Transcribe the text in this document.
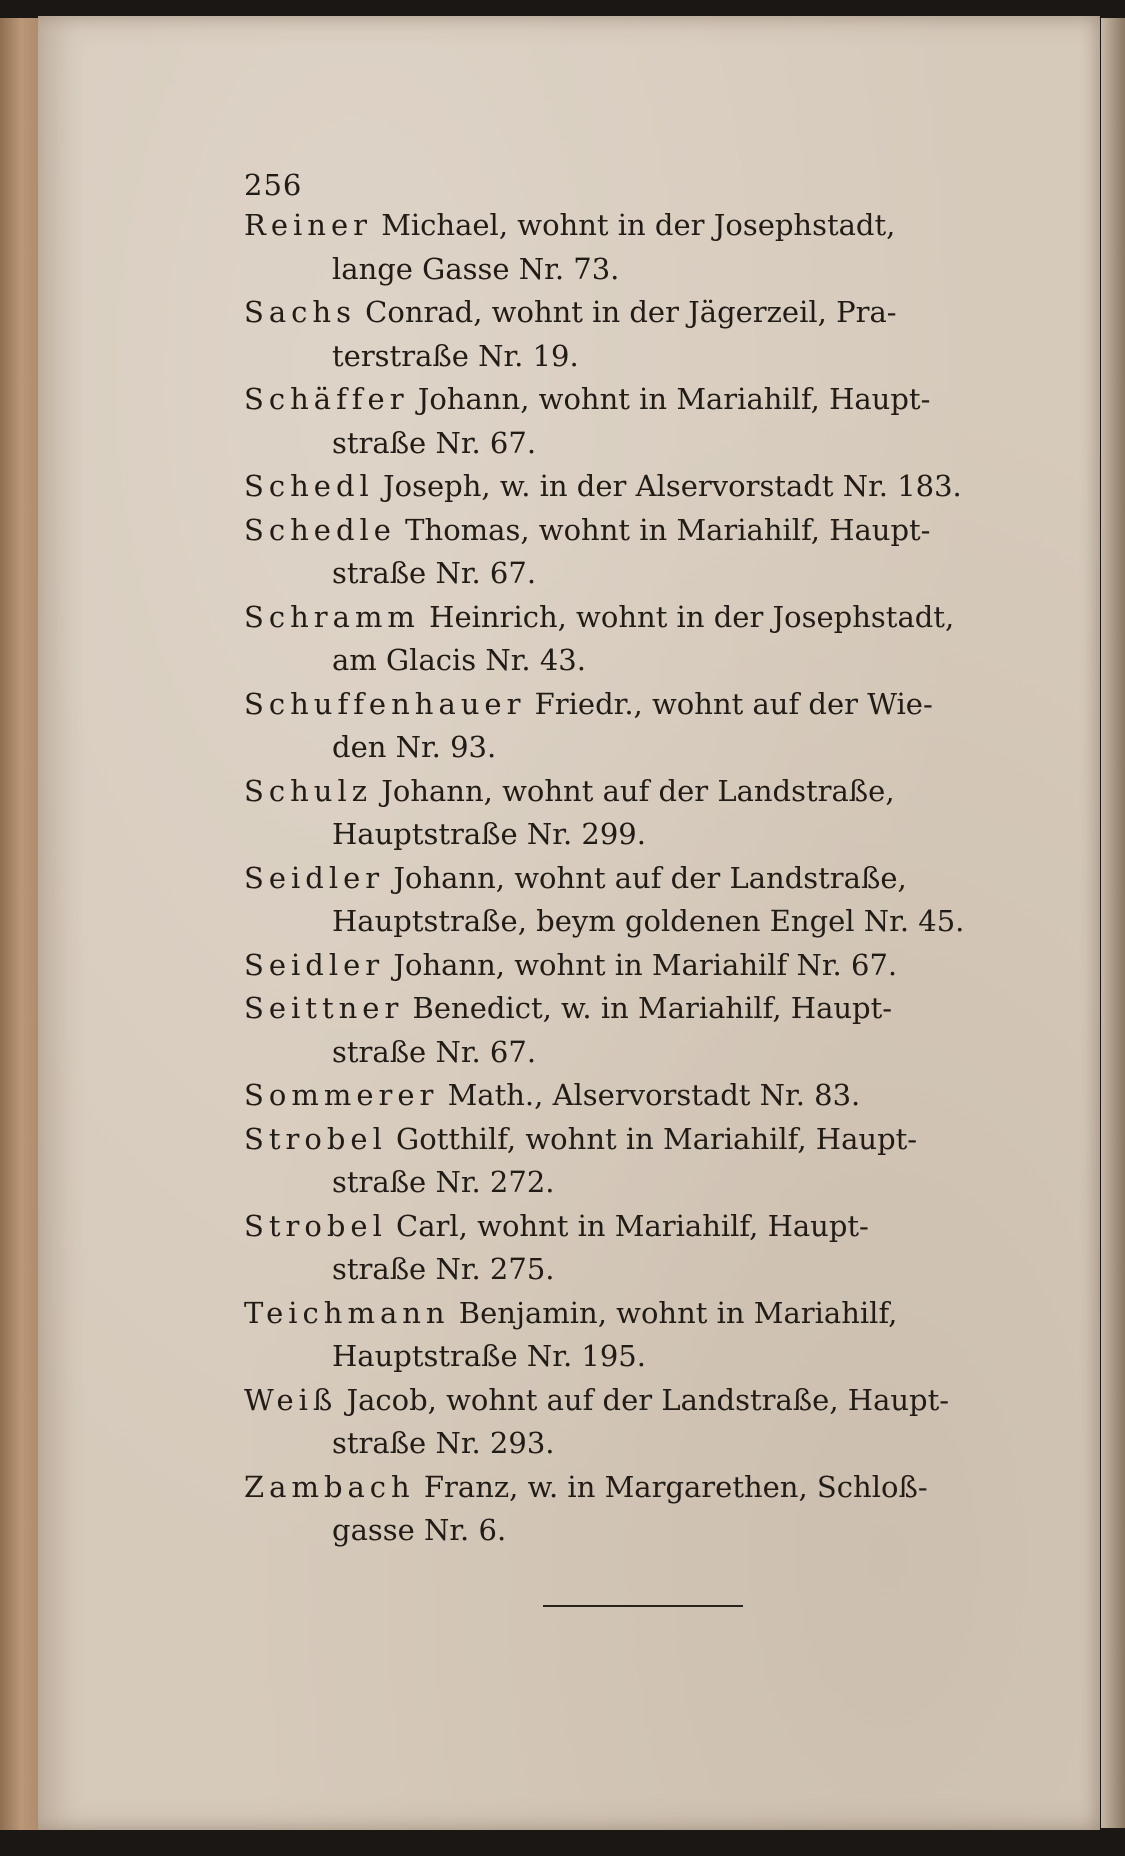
256
Reiner Michael, wohnt in der Josephstadt,
lange Gasse Nr. 73.
Sachs Conrad, wohnt in der Jägerzeil, Pra-
terstraße Nr. 19.
Schäffer Johann, wohnt in Mariahilf, Haupt-
straße Nr. 67.
Schedl Joseph, w. in der Alservorstadt Nr. 183.
Schedle Thomas, wohnt in Mariahilf, Haupt-
straße Nr. 67.
Schramm Heinrich, wohnt in der Josephstadt,
am Glacis Nr. 43.
Schuffenhauer Friedr., wohnt auf der Wie-
den Nr. 93.
Schulz Johann, wohnt auf der Landstraße,
Hauptstraße Nr. 299.
Seidler Johann, wohnt auf der Landstraße,
Hauptstraße, beym goldenen Engel Nr. 45.
Seidler Johann, wohnt in Mariahilf Nr. 67.
Seittner Benedict, w. in Mariahilf, Haupt-
straße Nr. 67.
Sommerer Math., Alservorstadt Nr. 83.
Strobel Gotthilf, wohnt in Mariahilf, Haupt-
straße Nr. 272.
Strobel Carl, wohnt in Mariahilf, Haupt-
straße Nr. 275.
Teichmann Benjamin, wohnt in Mariahilf,
Hauptstraße Nr. 195.
Weiß Jacob, wohnt auf der Landstraße, Haupt-
straße Nr. 293.
Zambach Franz, w. in Margarethen, Schloß-
gasse Nr. 6.
